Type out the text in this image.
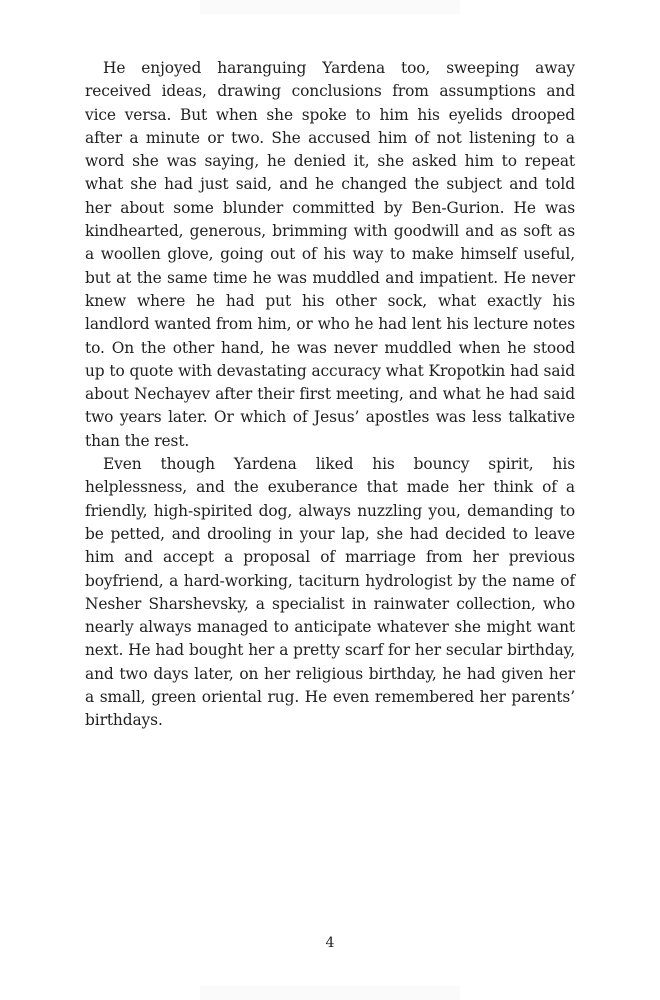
He enjoyed haranguing Yardena too, sweeping away received ideas, drawing conclusions from assumptions and vice versa. But when she spoke to him his eyelids drooped after a minute or two. She accused him of not listening to a word she was saying, he denied it, she asked him to repeat what she had just said, and he changed the subject and told her about some blunder committed by Ben-Gurion. He was kindhearted, generous, brimming with goodwill and as soft as a woollen glove, going out of his way to make himself useful, but at the same time he was muddled and impatient. He never knew where he had put his other sock, what exactly his landlord wanted from him, or who he had lent his lecture notes to. On the other hand, he was never muddled when he stood up to quote with devastating accuracy what Kropotkin had said about Nechayev after their first meeting, and what he had said two years later. Or which of Jesus’ apostles was less talkative than the rest.

Even though Yardena liked his bouncy spirit, his helplessness, and the exuberance that made her think of a friendly, high-spirited dog, always nuzzling you, demanding to be petted, and drooling in your lap, she had decided to leave him and accept a proposal of marriage from her previous boyfriend, a hard-working, taciturn hydrologist by the name of Nesher Sharshevsky, a specialist in rainwater collection, who nearly always managed to anticipate whatever she might want next. He had bought her a pretty scarf for her secular birthday, and two days later, on her religious birthday, he had given her a small, green oriental rug. He even remembered her parents’ birthdays.

4
